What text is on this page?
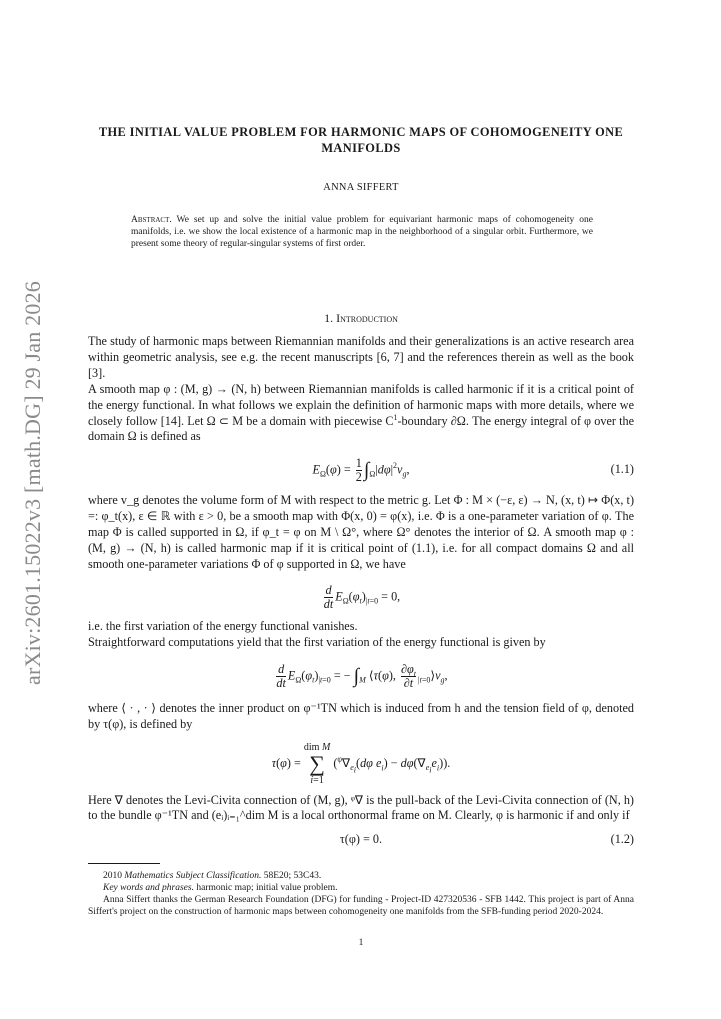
arXiv:2601.15022v3 [math.DG] 29 Jan 2026
THE INITIAL VALUE PROBLEM FOR HARMONIC MAPS OF COHOMOGENEITY ONE MANIFOLDS
ANNA SIFFERT
Abstract. We set up and solve the initial value problem for equivariant harmonic maps of cohomogeneity one manifolds, i.e. we show the local existence of a harmonic map in the neighborhood of a singular orbit. Furthermore, we present some theory of regular-singular systems of first order.
1. Introduction

The study of harmonic maps between Riemannian manifolds and their generalizations is an active research area within geometric analysis, see e.g. the recent manuscripts [6, 7] and the references therein as well as the book [3].

A smooth map φ : (M, g) → (N, h) between Riemannian manifolds is called harmonic if it is a critical point of the energy functional. In what follows we explain the definition of harmonic maps with more details, where we closely follow [14]. Let Ω ⊂ M be a domain with piecewise $C^1$-boundary ∂Ω. The energy integral of φ over the domain Ω is defined as

$E_\Omega(\varphi) = \frac{1}{2} \int_\Omega|d\varphi|^2v_g$,	(1.1)

where v_g denotes the volume form of M with respect to the metric g. Let Φ : M × (−ε, ε) → N, (x, t) ↦ Φ(x, t) =: φ_t(x), ε ∈ ℝ with ε > 0, be a smooth map with Φ(x, 0) = φ(x), i.e. Φ is a one-parameter variation of φ. The map Φ is called supported in Ω, if φ_t = φ on M \ Ω°, where Ω° denotes the interior of Ω. A smooth map φ : (M, g) → (N, h) is called harmonic map if it is critical point of (1.1), i.e. for all compact domains Ω and all smooth one-parameter variations Φ of φ supported in Ω, we have

$\frac{d}{dt} E_\Omega(\varphi_t)_{|t=0} = 0$,

i.e. the first variation of the energy functional vanishes.

Straightforward computations yield that the first variation of the energy functional is given by

$\frac{d}{dt} E_\Omega(\varphi_t)_{|t=0}$ = − $\int_M$ ⟨τ(φ), $\frac{\partial\varphi_t}{\partial t}$ $_{|t=0}⟩v_g$,

where ⟨ · , · ⟩ denotes the inner product on φ⁻¹TN which is induced from h and the tension field of φ, denoted by τ(φ), is defined by

τ(φ) = dim M
∑
i=1 ($^\varphi\nabla_{e_i}(d\varphi$ $e_i) - d\varphi(\nabla_{e_i}e_i)$).

Here ∇ denotes the Levi-Civita connection of (M, g), ᵠ∇ is the pull-back of the Levi-Civita connection of (N, h) to the bundle φ⁻¹TN and (eᵢ)ᵢ₌₁^dim M is a local orthonormal frame on M. Clearly, φ is harmonic if and only if

τ(φ) = 0.	(1.2)

2010 Mathematics Subject Classification. 58E20; 53C43.

Key words and phrases. harmonic map; initial value problem.

Anna Siffert thanks the German Research Foundation (DFG) for funding - Project-ID 427320536 - SFB 1442. This project is part of Anna Siffert's project on the construction of harmonic maps between cohomogeneity one manifolds from the SFB-funding period 2020-2024.

1
